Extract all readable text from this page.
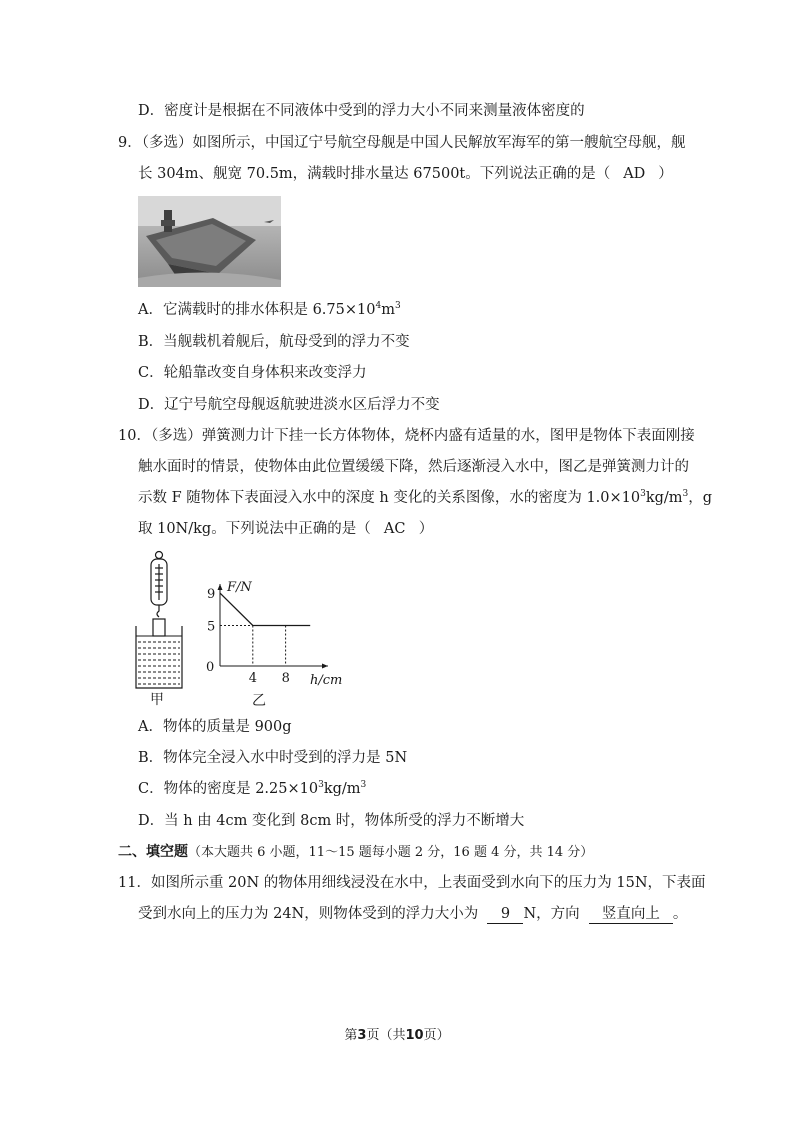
D．密度计是根据在不同液体中受到的浮力大小不同来测量液体密度的
9．（多选）如图所示，中国辽宁号航空母舰是中国人民解放军海军的第一艘航空母舰，舰
长 304m、舰宽 70.5m，满载时排水量达 67500t。下列说法正确的是（ AD ）
A．它满载时的排水体积是 $6.75\times 10^4m^3$
B．当舰载机着舰后，航母受到的浮力不变
C．轮船靠改变自身体积来改变浮力
D．辽宁号航空母舰返航驶进淡水区后浮力不变
10．（多选）弹簧测力计下挂一长方体物体，烧杯内盛有适量的水，图甲是物体下表面刚接
触水面时的情景，使物体由此位置缓缓下降，然后逐渐浸入水中，图乙是弹簧测力计的
示数 F 随物体下表面浸入水中的深度 h 变化的关系图像，水的密度为 $1.0\times 10^3kg/m^3$，g
取 10N/kg。下列说法中正确的是（ AC ）
甲
F/N
h/cm
0
9
5
4 8
乙
A．物体的质量是 900g
B．物体完全浸入水中时受到的浮力是 5N
C．物体的密度是 $2.25\times 10^3kg/m^3$
D．当 h 由 4cm 变化到 8cm 时，物体所受的浮力不断增大
二、填空题（本大题共 6 小题，11～15 题每小题 2 分，16 题 4 分，共 14 分）
11．如图所示重 20N 的物体用细线浸没在水中，上表面受到水向下的压力为 15N，下表面
受到水向上的压力为 24N，则物体受到的浮力大小为 9 N，方向 竖直向上 。
第3页（共10页）
